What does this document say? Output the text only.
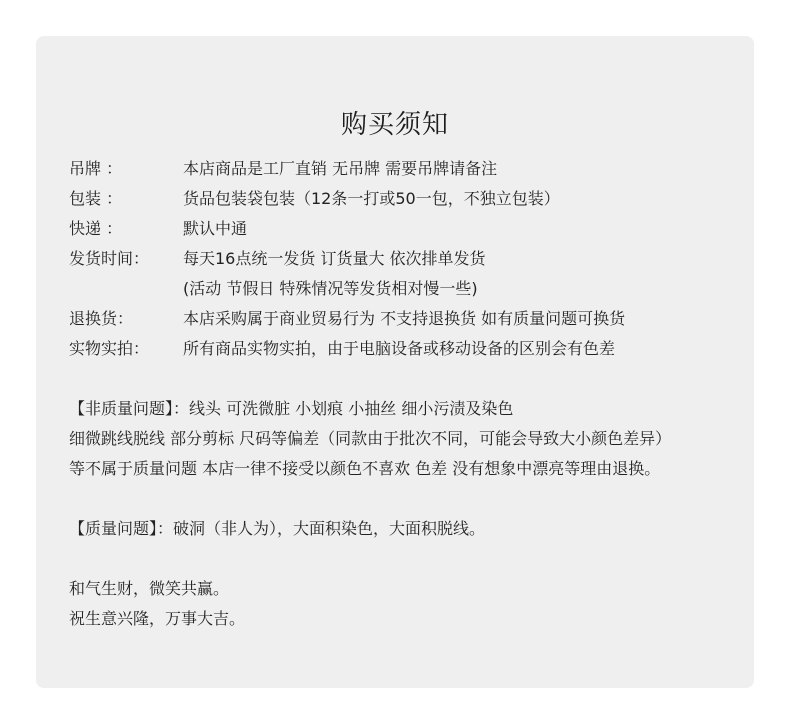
购买须知
吊牌 ：	本店商品是工厂直销 无吊牌 需要吊牌请备注
包装 ：	货品包装袋包装（12条一打或50一包，不独立包装）
快递 ：	默认中通
发货时间： 每天16点统一发货 订货量大 依次排单发货
(活动 节假日 特殊情况等发货相对慢一些)
退换货：	本店采购属于商业贸易行为 不支持退换货 如有质量问题可换货
实物实拍： 所有商品实物实拍，由于电脑设备或移动设备的区别会有色差
【非质量问题】：线头 可洗微脏 小划痕 小抽丝 细小污渍及染色
细微跳线脱线 部分剪标 尺码等偏差（同款由于批次不同，可能会导致大小颜色差异）
等不属于质量问题 本店一律不接受以颜色不喜欢 色差 没有想象中漂亮等理由退换。
【质量问题】：破洞（非人为），大面积染色，大面积脱线。
和气生财，微笑共赢。
祝生意兴隆，万事大吉。
